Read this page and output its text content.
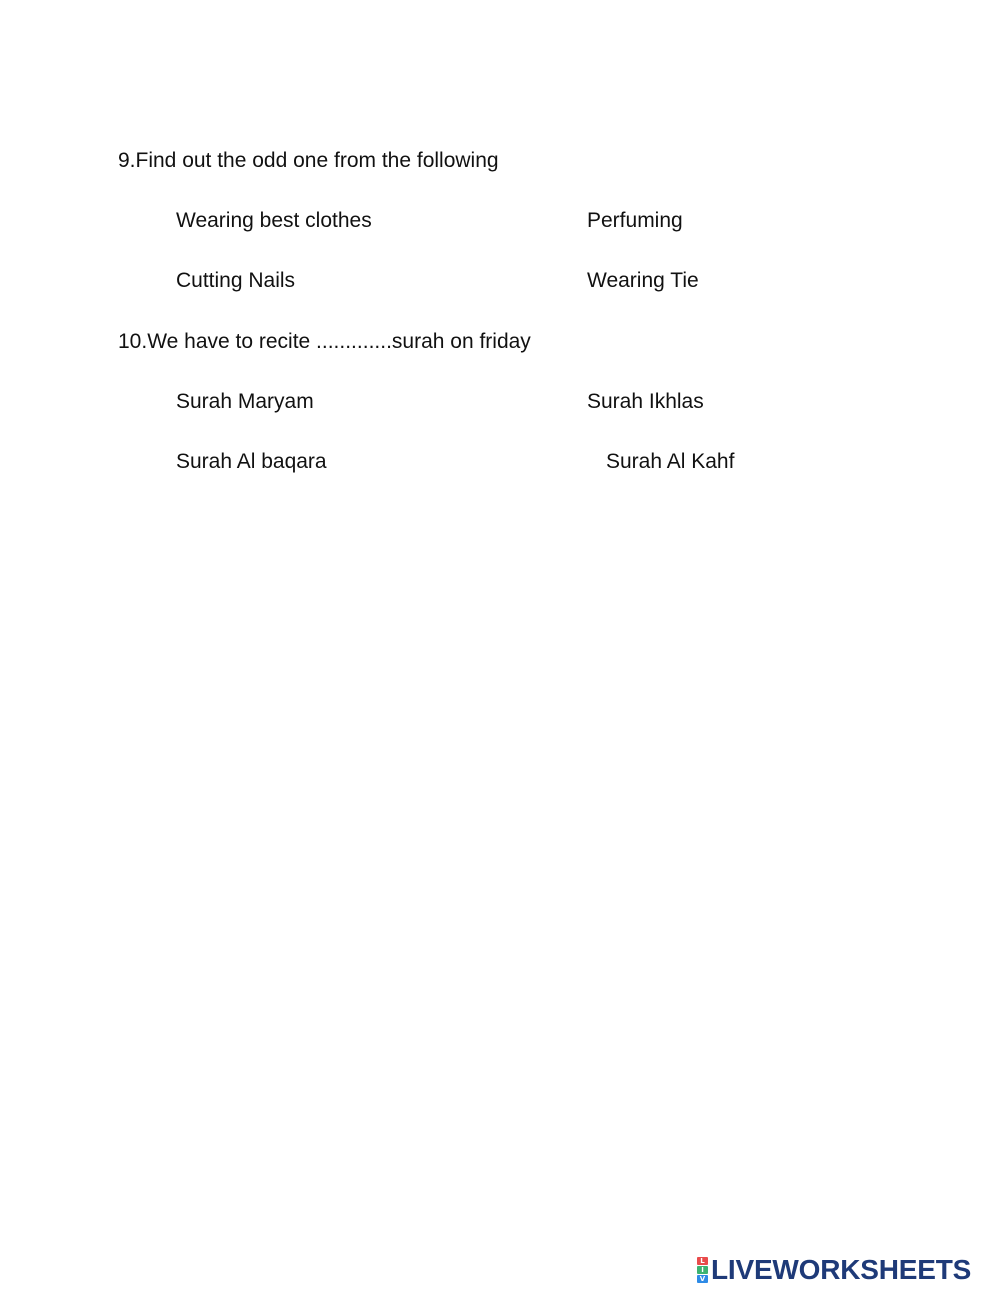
9.Find out the odd one from the following
Wearing best clothes	Perfuming
Cutting Nails	Wearing Tie
10.We have to recite .............surah on friday
Surah Maryam	Surah Ikhlas
Surah Al baqara	Surah Al Kahf
L
I
V LIVEWORKSHEETS
